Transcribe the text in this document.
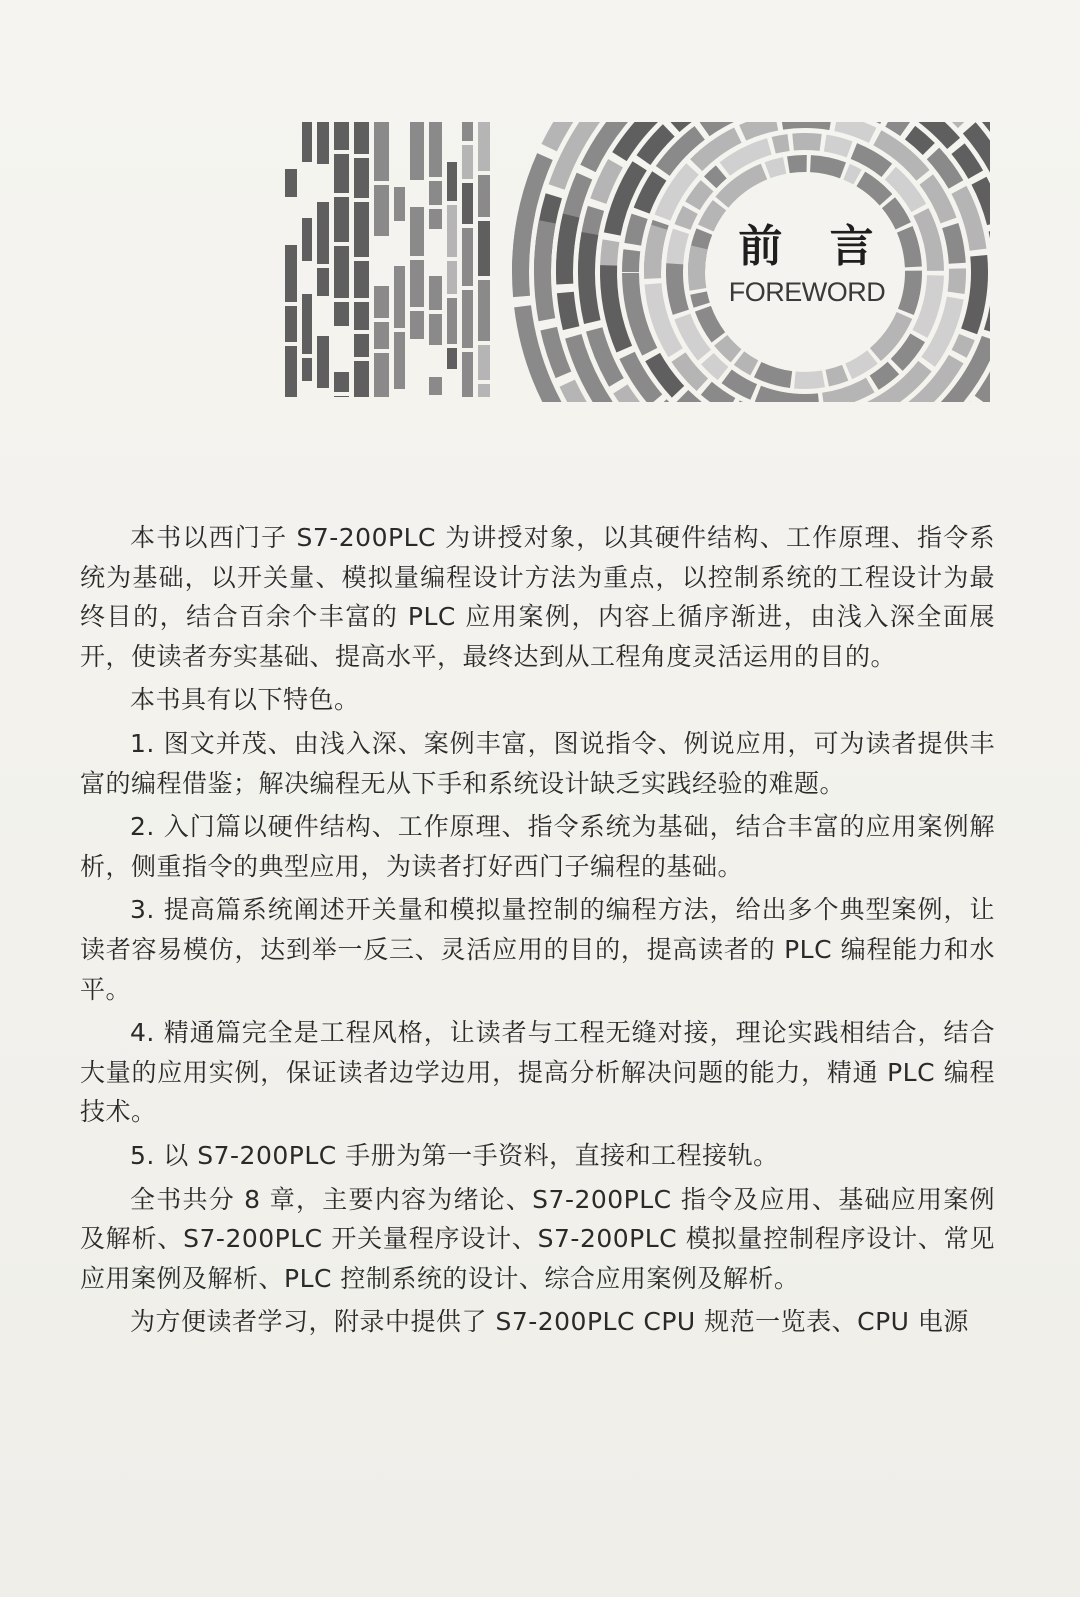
前 言
FOREWORD

本书以西门子 S7-200PLC 为讲授对象，以其硬件结构、工作原理、指令系统为基础，以开关量、模拟量编程设计方法为重点，以控制系统的工程设计为最终目的，结合百余个丰富的 PLC 应用案例，内容上循序渐进，由浅入深全面展开，使读者夯实基础、提高水平，最终达到从工程角度灵活运用的目的。

本书具有以下特色。

1. 图文并茂、由浅入深、案例丰富，图说指令、例说应用，可为读者提供丰富的编程借鉴；解决编程无从下手和系统设计缺乏实践经验的难题。

2. 入门篇以硬件结构、工作原理、指令系统为基础，结合丰富的应用案例解析，侧重指令的典型应用，为读者打好西门子编程的基础。

3. 提高篇系统阐述开关量和模拟量控制的编程方法，给出多个典型案例，让读者容易模仿，达到举一反三、灵活应用的目的，提高读者的 PLC 编程能力和水平。

4. 精通篇完全是工程风格，让读者与工程无缝对接，理论实践相结合，结合大量的应用实例，保证读者边学边用，提高分析解决问题的能力，精通 PLC 编程技术。

5. 以 S7-200PLC 手册为第一手资料，直接和工程接轨。

全书共分 8 章，主要内容为绪论、S7-200PLC 指令及应用、基础应用案例及解析、S7-200PLC 开关量程序设计、S7-200PLC 模拟量控制程序设计、常见应用案例及解析、PLC 控制系统的设计、综合应用案例及解析。

为方便读者学习，附录中提供了 S7-200PLC CPU 规范一览表、CPU 电源
